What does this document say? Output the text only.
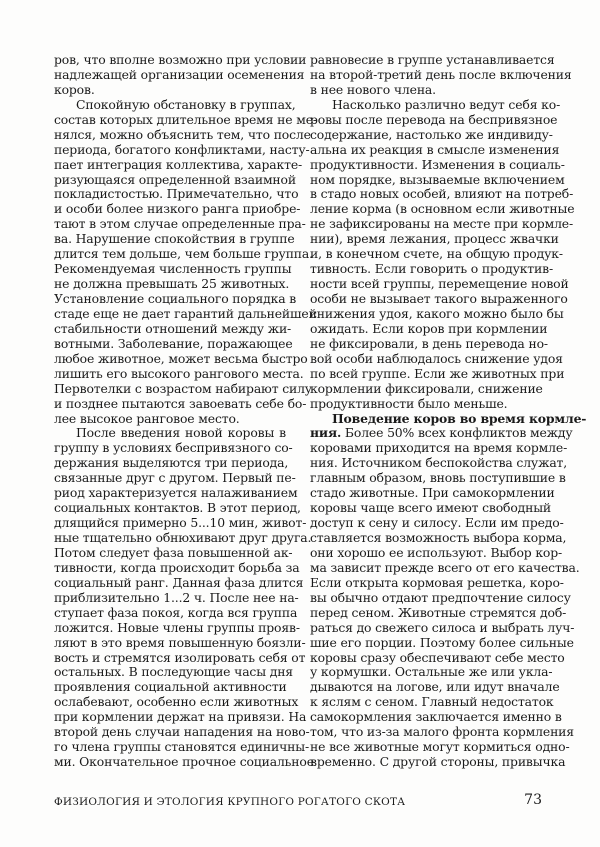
ров, что вполне возможно при условии
надлежащей организации осеменения
коров.
Спокойную обстановку в группах,
состав которых длительное время не ме-
нялся, можно объяснить тем, что после
периода, богатого конфликтами, насту-
пает интеграция коллектива, характе-
ризующаяся определенной взаимной
покладистостью. Примечательно, что
и особи более низкого ранга приобре-
тают в этом случае определенные пра-
ва. Нарушение спокойствия в группе
длится тем дольше, чем больше группа.
Рекомендуемая численность группы
не должна превышать 25 животных.
Установление социального порядка в
стаде еще не дает гарантий дальнейшей
стабильности отношений между жи-
вотными. Заболевание, поражающее
любое животное, может весьма быстро
лишить его высокого рангового места.
Первотелки с возрастом набирают силу
и позднее пытаются завоевать себе бо-
лее высокое ранговое место.
После введения новой коровы в
группу в условиях беспривязного со-
держания выделяются три периода,
связанные друг с другом. Первый пе-
риод характеризуется налаживанием
социальных контактов. В этот период,
длящийся примерно 5...10 мин, живот-
ные тщательно обнюхивают друг друга.
Потом следует фаза повышенной ак-
тивности, когда происходит борьба за
социальный ранг. Данная фаза длится
приблизительно 1...2 ч. После нее на-
ступает фаза покоя, когда вся группа
ложится. Новые члены группы прояв-
ляют в это время повышенную боязли-
вость и стремятся изолировать себя от
остальных. В последующие часы дня
проявления социальной активности
ослабевают, особенно если животных
при кормлении держат на привязи. На
второй день случаи нападения на ново-
го члена группы становятся единичны-
ми. Окончательное прочное социальное
равновесие в группе устанавливается
на второй-третий день после включения
в нее нового члена.
Насколько различно ведут себя ко-
ровы после перевода на беспривязное
содержание, настолько же индивиду-
альна их реакция в смысле изменения
продуктивности. Изменения в социаль-
ном порядке, вызываемые включением
в стадо новых особей, влияют на потреб-
ление корма (в основном если животные
не зафиксированы на месте при кормле-
нии), время лежания, процесс жвачки
и, в конечном счете, на общую продук-
тивность. Если говорить о продуктив-
ности всей группы, перемещение новой
особи не вызывает такого выраженного
снижения удоя, какого можно было бы
ожидать. Если коров при кормлении
не фиксировали, в день перевода но-
вой особи наблюдалось снижение удоя
по всей группе. Если же животных при
кормлении фиксировали, снижение
продуктивности было меньше.
Поведение коров во время кормле-
ния. Более 50% всех конфликтов между
коровами приходится на время кормле-
ния. Источником беспокойства служат,
главным образом, вновь поступившие в
стадо животные. При самокормлении
коровы чаще всего имеют свободный
доступ к сену и силосу. Если им предо-
ставляется возможность выбора корма,
они хорошо ее используют. Выбор кор-
ма зависит прежде всего от его качества.
Если открыта кормовая решетка, коро-
вы обычно отдают предпочтение силосу
перед сеном. Животные стремятся доб-
раться до свежего силоса и выбрать луч-
шие его порции. Поэтому более сильные
коровы сразу обеспечивают себе место
у кормушки. Остальные же или укла-
дываются на логове, или идут вначале
к яслям с сеном. Главный недостаток
самокормления заключается именно в
том, что из-за малого фронта кормления
не все животные могут кормиться одно-
временно. С другой стороны, привычка
ФИЗИОЛОГИЯ И ЭТОЛОГИЯ КРУПНОГО РОГАТОГО СКОТА	73
